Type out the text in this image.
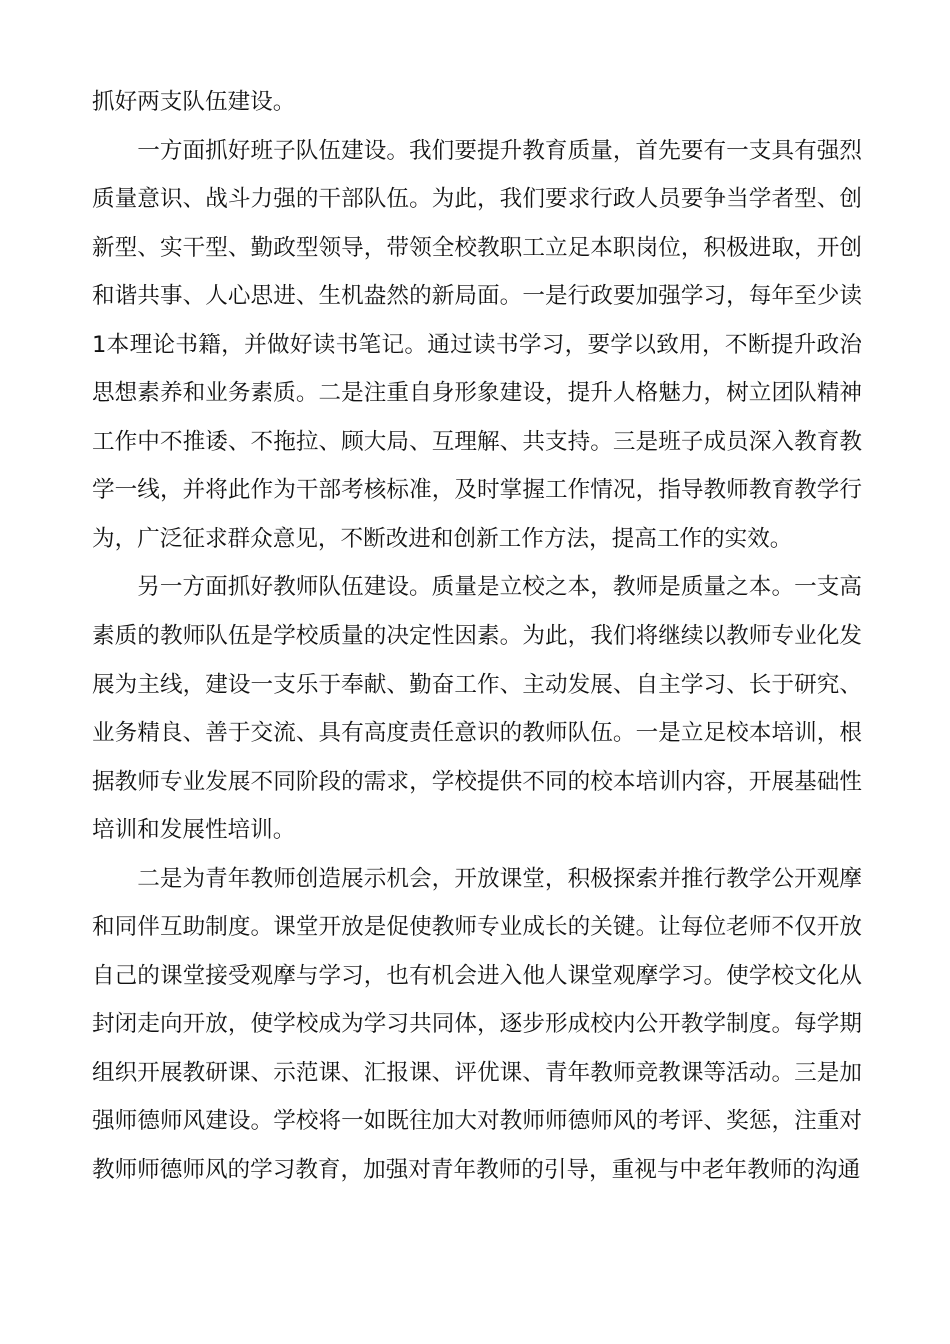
抓好两支队伍建设。

一方面抓好班子队伍建设。我们要提升教育质量，首先要有一支具有强烈质量意识、战斗力强的干部队伍。为此，我们要求行政人员要争当学者型、创新型、实干型、勤政型领导，带领全校教职工立足本职岗位，积极进取，开创和谐共事、人心思进、生机盎然的新局面。一是行政要加强学习，每年至少读1本理论书籍，并做好读书笔记。通过读书学习，要学以致用，不断提升政治思想素养和业务素质。二是注重自身形象建设，提升人格魅力，树立团队精神工作中不推诿、不拖拉、顾大局、互理解、共支持。三是班子成员深入教育教学一线，并将此作为干部考核标准，及时掌握工作情况，指导教师教育教学行为，广泛征求群众意见，不断改进和创新工作方法，提高工作的实效。

另一方面抓好教师队伍建设。质量是立校之本，教师是质量之本。一支高素质的教师队伍是学校质量的决定性因素。为此，我们将继续以教师专业化发展为主线，建设一支乐于奉献、勤奋工作、主动发展、自主学习、长于研究、业务精良、善于交流、具有高度责任意识的教师队伍。一是立足校本培训，根据教师专业发展不同阶段的需求，学校提供不同的校本培训内容，开展基础性培训和发展性培训。

二是为青年教师创造展示机会，开放课堂，积极探索并推行教学公开观摩和同伴互助制度。课堂开放是促使教师专业成长的关键。让每位老师不仅开放自己的课堂接受观摩与学习，也有机会进入他人课堂观摩学习。使学校文化从封闭走向开放，使学校成为学习共同体，逐步形成校内公开教学制度。每学期组织开展教研课、示范课、汇报课、评优课、青年教师竞教课等活动。三是加强师德师风建设。学校将一如既往加大对教师师德师风的考评、奖惩，注重对教师师德师风的学习教育，加强对青年教师的引导，重视与中老年教师的沟通
